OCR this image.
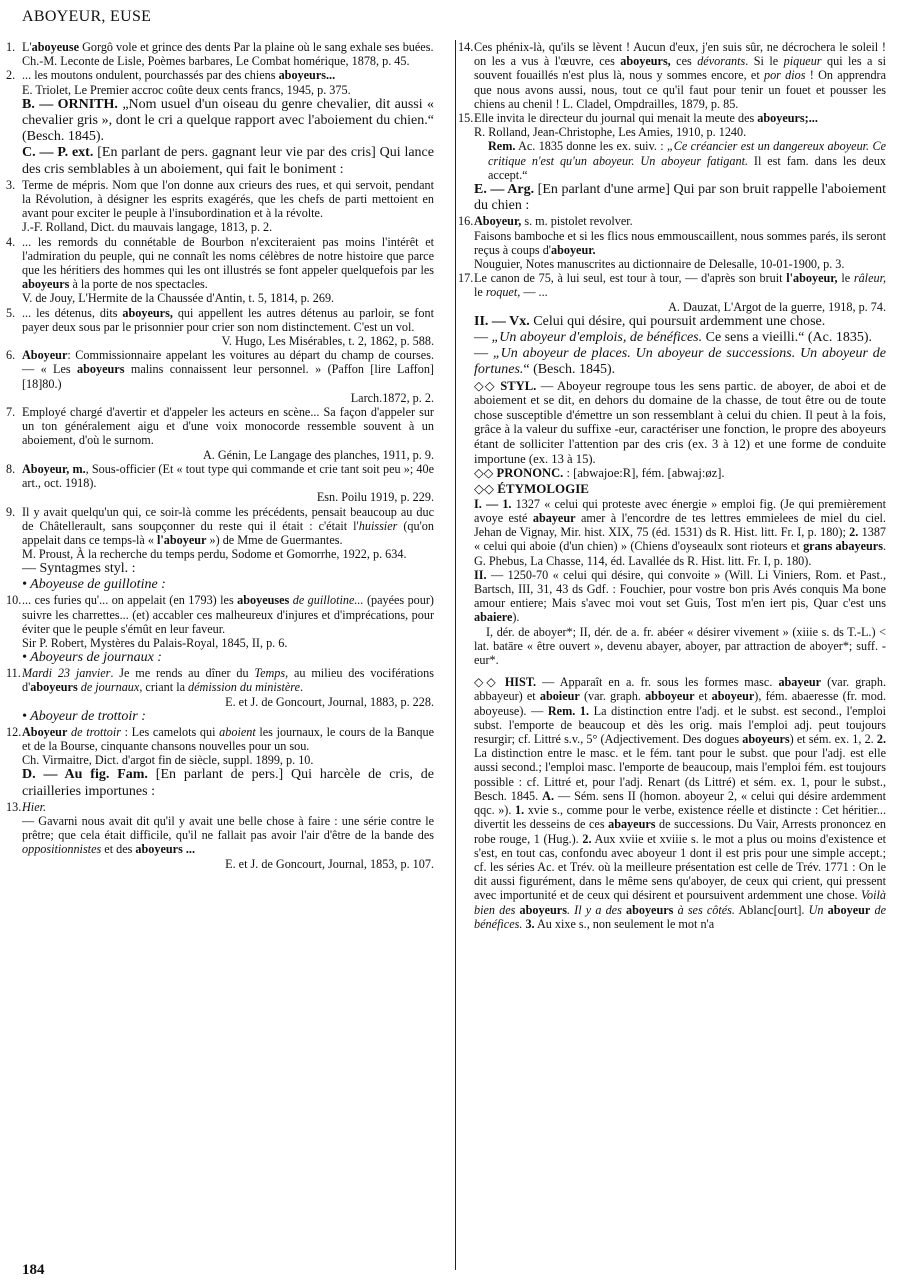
ABOYEUR, EUSE

1. L'aboyeuse Gorgô vole et grince des dents Par la plaine où le sang exhale ses buées.
Ch.-M. Leconte de Lisle, Poèmes barbares, Le Combat homérique, 1878, p. 45.

2. ... les moutons ondulent, pourchassés par des chiens aboyeurs...
E. Triolet, Le Premier accroc coûte deux cents francs, 1945, p. 375.

B. — ORNITH. „Nom usuel d'un oiseau du genre chevalier, dit aussi « chevalier gris », dont le cri a quelque rapport avec l'aboiement du chien.“ (Besch. 1845).

C. — P. ext. [En parlant de pers. gagnant leur vie par des cris] Qui lance des cris semblables à un aboiement, qui fait le boniment :

3. Terme de mépris. Nom que l'on donne aux crieurs des rues, et qui servoit, pendant la Révolution, à désigner les esprits exagérés, que les chefs de parti mettoient en avant pour exciter le peuple à l'insubordination et à la révolte.
J.-F. Rolland, Dict. du mauvais langage, 1813, p. 2.

4. ... les remords du connétable de Bourbon n'exciteraient pas moins l'intérêt et l'admiration du peuple, qui ne connaît les noms célèbres de notre histoire que parce que les héritiers des hommes qui les ont illustrés se font appeler quelquefois par les aboyeurs à la porte de nos spectacles.
V. de Jouy, L'Hermite de la Chaussée d'Antin, t. 5, 1814, p. 269.

5. ... les détenus, dits aboyeurs, qui appellent les autres détenus au parloir, se font payer deux sous par le prisonnier pour crier son nom distinctement. C'est un vol.
V. Hugo, Les Misérables, t. 2, 1862, p. 588.

6. Aboyeur: Commissionnaire appelant les voitures au départ du champ de courses. — « Les aboyeurs malins connaissent leur personnel. » (Paffon [lire Laffon] [18]80.)
Larch.1872, p. 2.

7. Employé chargé d'avertir et d'appeler les acteurs en scène... Sa façon d'appeler sur un ton généralement aigu et d'une voix monocorde ressemble souvent à un aboiement, d'où le surnom.
A. Génin, Le Langage des planches, 1911, p. 9.

8. Aboyeur, m., Sous-officier (Et « tout type qui commande et crie tant soit peu »; 40e art., oct. 1918).
Esn. Poilu 1919, p. 229.

9. Il y avait quelqu'un qui, ce soir-là comme les précédents, pensait beaucoup au duc de Châtellerault, sans soupçonner du reste qui il était : c'était l'huissier (qu'on appelait dans ce temps-là « l'aboyeur ») de Mme de Guermantes.
M. Proust, À la recherche du temps perdu, Sodome et Gomorrhe, 1922, p. 634.

— Syntagmes styl. :

• Aboyeuse de guillotine :

10.... ces furies qu'... on appelait (en 1793) les aboyeuses de guillotine... (payées pour) suivre les charrettes... (et) accabler ces malheureux d'injures et d'imprécations, pour éviter que le peuple s'émût en leur faveur.
Sir P. Robert, Mystères du Palais-Royal, 1845, II, p. 6.

• Aboyeurs de journaux :

11.Mardi 23 janvier. Je me rends au dîner du Temps, au milieu des vociférations d'aboyeurs de journaux, criant la démission du ministère.
E. et J. de Goncourt, Journal, 1883, p. 228.

• Aboyeur de trottoir :

12.Aboyeur de trottoir : Les camelots qui aboient les journaux, le cours de la Banque et de la Bourse, cinquante chansons nouvelles pour un sou.
Ch. Virmaitre, Dict. d'argot fin de siècle, suppl. 1899, p. 10.

D. — Au fig. Fam. [En parlant de pers.] Qui harcèle de cris, de criailleries importunes :

13.Hier.
— Gavarni nous avait dit qu'il y avait une belle chose à faire : une série contre le prêtre; que cela était difficile, qu'il ne fallait pas avoir l'air d'être de la bande des oppositionnistes et des aboyeurs ...
E. et J. de Goncourt, Journal, 1853, p. 107.

14.Ces phénix-là, qu'ils se lèvent ! Aucun d'eux, j'en suis sûr, ne décrochera le soleil ! on les a vus à l'œuvre, ces aboyeurs, ces dévorants. Si le piqueur qui les a si souvent fouaillés n'est plus là, nous y sommes encore, et por dios ! On apprendra que nous avons aussi, nous, tout ce qu'il faut pour tenir un fouet et pousser les chiens au chenil ! L. Cladel, Ompdrailles, 1879, p. 85.

15.Elle invita le directeur du journal qui menait la meute des aboyeurs;...
R. Rolland, Jean-Christophe, Les Amies, 1910, p. 1240.

Rem. Ac. 1835 donne les ex. suiv. : „Ce créancier est un dangereux aboyeur. Ce critique n'est qu'un aboyeur. Un aboyeur fatigant. Il est fam. dans les deux accept.“

E. — Arg. [En parlant d'une arme] Qui par son bruit rappelle l'aboiement du chien :

16.Aboyeur, s. m. pistolet revolver.
Faisons bamboche et si les flics nous emmouscaillent, nous sommes parés, ils seront reçus à coups d'aboyeur.
Nouguier, Notes manuscrites au dictionnaire de Delesalle, 10-01-1900, p. 3.

17.Le canon de 75, à lui seul, est tour à tour, — d'après son bruit l'aboyeur, le râleur, le roquet, — ...
A. Dauzat, L'Argot de la guerre, 1918, p. 74.

II. — Vx. Celui qui désire, qui poursuit ardemment une chose.

— „Un aboyeur d'emplois, de bénéfices. Ce sens a vieilli.“ (Ac. 1835).

— „Un aboyeur de places. Un aboyeur de successions. Un aboyeur de fortunes.“ (Besch. 1845).

◇◇ STYL. — Aboyeur regroupe tous les sens partic. de aboyer, de aboi et de aboiement et se dit, en dehors du domaine de la chasse, de tout être ou de toute chose susceptible d'émettre un son ressemblant à celui du chien. Il peut à la fois, grâce à la valeur du suffixe -eur, caractériser une fonction, le propre des aboyeurs étant de solliciter l'attention par des cris (ex. 3 à 12) et une forme de conduite importune (ex. 13 à 15).

◇◇ PRONONC. : [abwajoe:R], fém. [abwaj:øz].

◇◇ ÉTYMOLOGIE

I. — 1. 1327 « celui qui proteste avec énergie » emploi fig. (Je qui premièrement avoye esté abayeur amer à l'encordre de tes lettres emmielees de miel du ciel. Jehan de Vignay, Mir. hist. XIX, 75 (éd. 1531) ds R. Hist. litt. Fr. I, p. 180); 2. 1387 « celui qui aboie (d'un chien) » (Chiens d'oyseaulx sont rioteurs et grans abayeurs. G. Phebus, La Chasse, 114, éd. Lavallée ds R. Hist. litt. Fr. I, p. 180).

II. — 1250-70 « celui qui désire, qui convoite » (Will. Li Viniers, Rom. et Past., Bartsch, III, 31, 43 ds Gdf. : Fouchier, pour vostre bon pris Avés conquis Ma bone amour entiere; Mais s'avec moi vout set Guis, Tost m'en iert pis, Quar c'est uns abaiere).

I, dér. de aboyer*; II, dér. de a. fr. abéer « désirer vivement » (xiiie s. ds T.-L.) < lat. batāre « être ouvert », devenu abayer, aboyer, par attraction de aboyer*; suff. -eur*.

◇◇ HIST. — Apparaît en a. fr. sous les formes masc. abayeur (var. graph. abbayeur) et aboieur (var. graph. abboyeur et aboyeur), fém. abaeresse (fr. mod. aboyeuse). — Rem. 1. La distinction entre l'adj. et le subst. est second., l'emploi subst. l'emporte de beaucoup et dès les orig. mais l'emploi adj. peut toujours resurgir; cf. Littré s.v., 5° (Adjectivement. Des dogues aboyeurs) et sém. ex. 1, 2. 2. La distinction entre le masc. et le fém. tant pour le subst. que pour l'adj. est elle aussi second.; l'emploi masc. l'emporte de beaucoup, mais l'emploi fém. est toujours possible : cf. Littré et, pour l'adj. Renart (ds Littré) et sém. ex. 1, pour le subst., Besch. 1845. A. — Sém. sens II (homon. aboyeur 2, « celui qui désire ardemment qqc. »). 1. xvie s., comme pour le verbe, existence réelle et distincte : Cet héritier... divertit les desseins de ces abayeurs de successions. Du Vair, Arrests prononcez en robe rouge, 1 (Hug.). 2. Aux xviie et xviiie s. le mot a plus ou moins d'existence et s'est, en tout cas, confondu avec aboyeur 1 dont il est pris pour une simple accept.; cf. les séries Ac. et Trév. où la meilleure présentation est celle de Trév. 1771 : On le dit aussi figurément, dans le même sens qu'aboyer, de ceux qui crient, qui pressent avec importunité et de ceux qui désirent et poursuivent ardemment une chose. Voilà bien des aboyeurs. Il y a des aboyeurs à ses côtés. Ablanc[ourt]. Un aboyeur de bénéfices. 3. Au xixe s., non seulement le mot n'a

184
